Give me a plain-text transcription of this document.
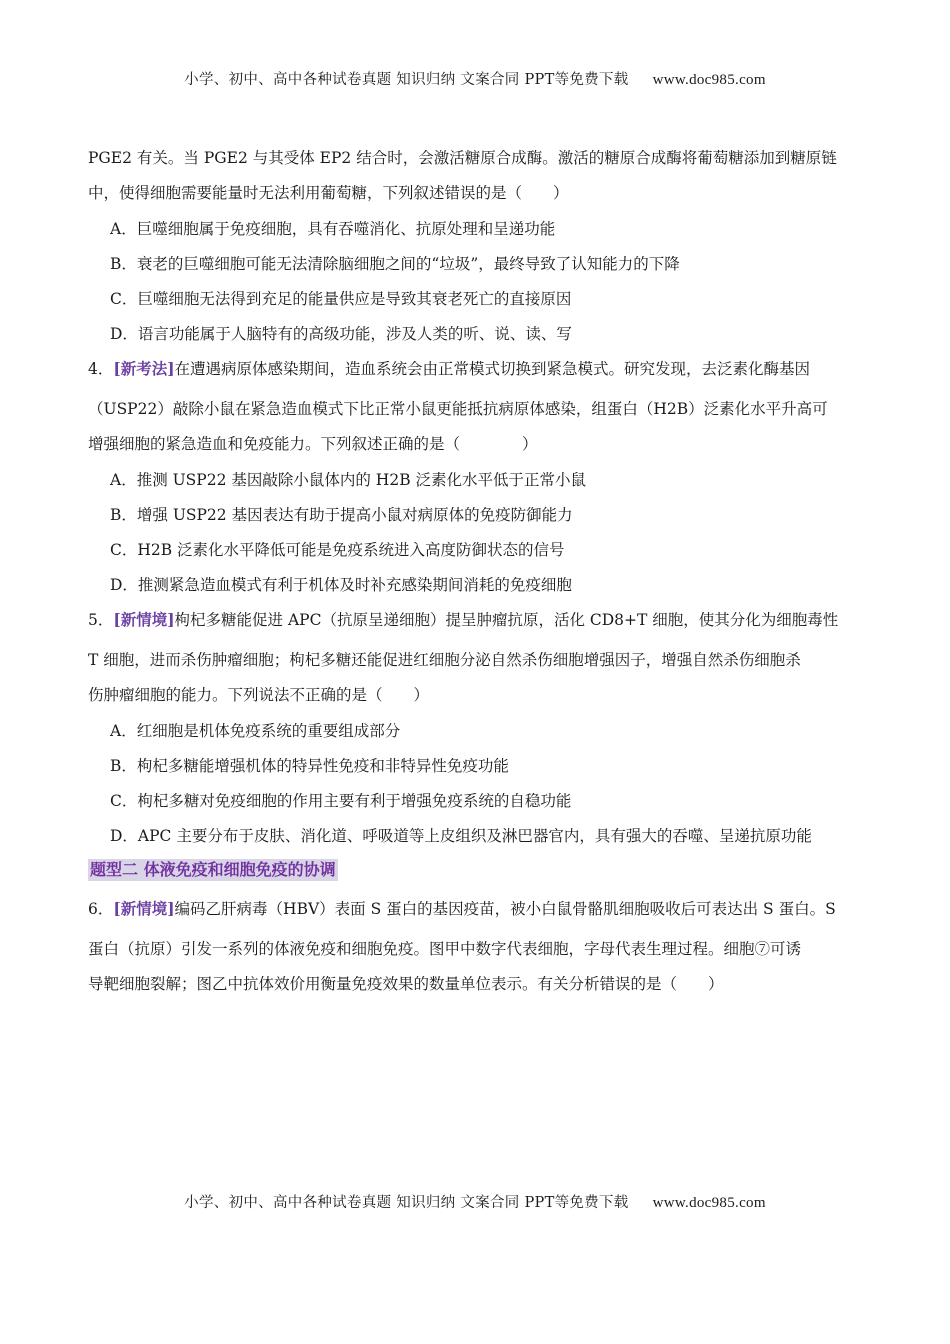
小学、初中、高中各种试卷真题 知识归纳 文案合同 PPT等免费下载 www.doc985.com
PGE2 有关。当 PGE2 与其受体 EP2 结合时，会激活糖原合成酶。激活的糖原合成酶将葡萄糖添加到糖原链
中，使得细胞需要能量时无法利用葡萄糖，下列叙述错误的是（　　）
A．巨噬细胞属于免疫细胞，具有吞噬消化、抗原处理和呈递功能
B．衰老的巨噬细胞可能无法清除脑细胞之间的“垃圾”，最终导致了认知能力的下降
C．巨噬细胞无法得到充足的能量供应是导致其衰老死亡的直接原因
D．语言功能属于人脑特有的高级功能，涉及人类的听、说、读、写
4．[新考法]在遭遇病原体感染期间，造血系统会由正常模式切换到紧急模式。研究发现，去泛素化酶基因
（USP22）敲除小鼠在紧急造血模式下比正常小鼠更能抵抗病原体感染，组蛋白（H2B）泛素化水平升高可
增强细胞的紧急造血和免疫能力。下列叙述正确的是（　　　　）
A．推测 USP22 基因敲除小鼠体内的 H2B 泛素化水平低于正常小鼠
B．增强 USP22 基因表达有助于提高小鼠对病原体的免疫防御能力
C．H2B 泛素化水平降低可能是免疫系统进入高度防御状态的信号
D．推测紧急造血模式有利于机体及时补充感染期间消耗的免疫细胞
5．[新情境]枸杞多糖能促进 APC（抗原呈递细胞）提呈肿瘤抗原，活化 CD8+T 细胞，使其分化为细胞毒性
T 细胞，进而杀伤肿瘤细胞；枸杞多糖还能促进红细胞分泌自然杀伤细胞增强因子，增强自然杀伤细胞杀
伤肿瘤细胞的能力。下列说法不正确的是（　　）
A．红细胞是机体免疫系统的重要组成部分
B．枸杞多糖能增强机体的特异性免疫和非特异性免疫功能
C．枸杞多糖对免疫细胞的作用主要有利于增强免疫系统的自稳功能
D．APC 主要分布于皮肤、消化道、呼吸道等上皮组织及淋巴器官内，具有强大的吞噬、呈递抗原功能
题型二 体液免疫和细胞免疫的协调
6．[新情境]编码乙肝病毒（HBV）表面 S 蛋白的基因疫苗，被小白鼠骨骼肌细胞吸收后可表达出 S 蛋白。S
蛋白（抗原）引发一系列的体液免疫和细胞免疫。图甲中数字代表细胞，字母代表生理过程。细胞⑦可诱
导靶细胞裂解；图乙中抗体效价用衡量免疫效果的数量单位表示。有关分析错误的是（　　）
小学、初中、高中各种试卷真题 知识归纳 文案合同 PPT等免费下载 www.doc985.com
